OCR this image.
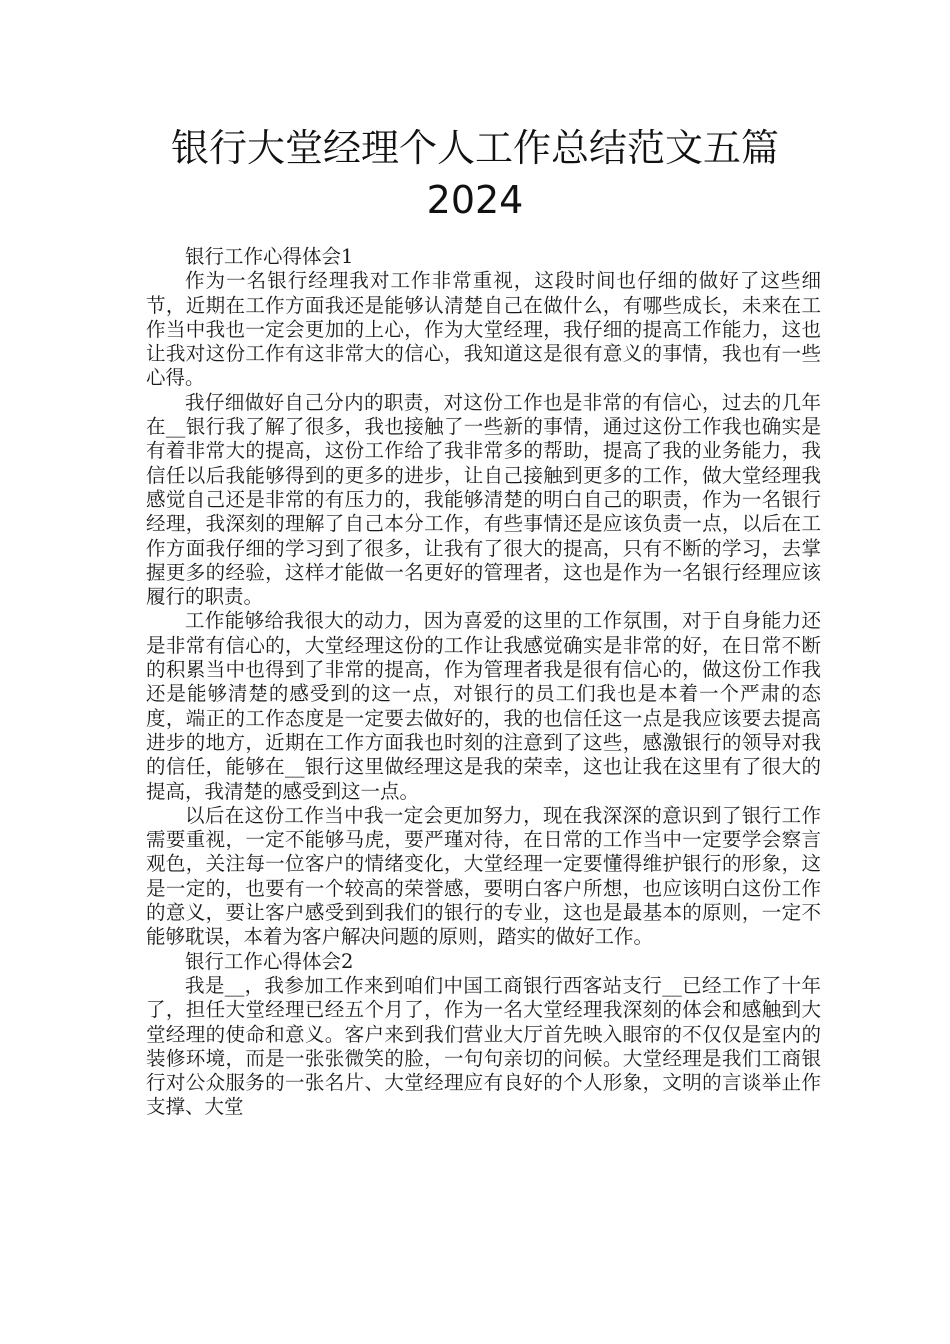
银行大堂经理个人工作总结范文五篇
2024

银行工作心得体会1

作为一名银行经理我对工作非常重视，这段时间也仔细的做好了这些细节，近期在工作方面我还是能够认清楚自己在做什么，有哪些成长，未来在工作当中我也一定会更加的上心，作为大堂经理，我仔细的提高工作能力，这也让我对这份工作有这非常大的信心，我知道这是很有意义的事情，我也有一些心得。

我仔细做好自己分内的职责，对这份工作也是非常的有信心，过去的几年在__银行我了解了很多，我也接触了一些新的事情，通过这份工作我也确实是有着非常大的提高，这份工作给了我非常多的帮助，提高了我的业务能力，我信任以后我能够得到的更多的进步，让自己接触到更多的工作，做大堂经理我感觉自己还是非常的有压力的，我能够清楚的明白自己的职责，作为一名银行经理，我深刻的理解了自己本分工作，有些事情还是应该负责一点，以后在工作方面我仔细的学习到了很多，让我有了很大的提高，只有不断的学习，去掌握更多的经验，这样才能做一名更好的管理者，这也是作为一名银行经理应该履行的职责。

工作能够给我很大的动力，因为喜爱的这里的工作氛围，对于自身能力还是非常有信心的，大堂经理这份的工作让我感觉确实是非常的好，在日常不断的积累当中也得到了非常的提高，作为管理者我是很有信心的，做这份工作我还是能够清楚的感受到的这一点，对银行的员工们我也是本着一个严肃的态度，端正的工作态度是一定要去做好的，我的也信任这一点是我应该要去提高进步的地方，近期在工作方面我也时刻的注意到了这些，感激银行的领导对我的信任，能够在__银行这里做经理这是我的荣幸，这也让我在这里有了很大的提高，我清楚的感受到这一点。

以后在这份工作当中我一定会更加努力，现在我深深的意识到了银行工作需要重视，一定不能够马虎，要严瑾对待，在日常的工作当中一定要学会察言观色，关注每一位客户的情绪变化，大堂经理一定要懂得维护银行的形象，这是一定的，也要有一个较高的荣誉感，要明白客户所想，也应该明白这份工作的意义，要让客户感受到到我们的银行的专业，这也是最基本的原则，一定不能够耽误，本着为客户解决问题的原则，踏实的做好工作。

银行工作心得体会2

我是__，我参加工作来到咱们中国工商银行西客站支行__已经工作了十年了，担任大堂经理已经五个月了，作为一名大堂经理我深刻的体会和感触到大堂经理的使命和意义。客户来到我们营业大厅首先映入眼帘的不仅仅是室内的装修环境，而是一张张微笑的脸，一句句亲切的问候。大堂经理是我们工商银行对公众服务的一张名片、大堂经理应有良好的个人形象，文明的言谈举止作支撑、大堂
